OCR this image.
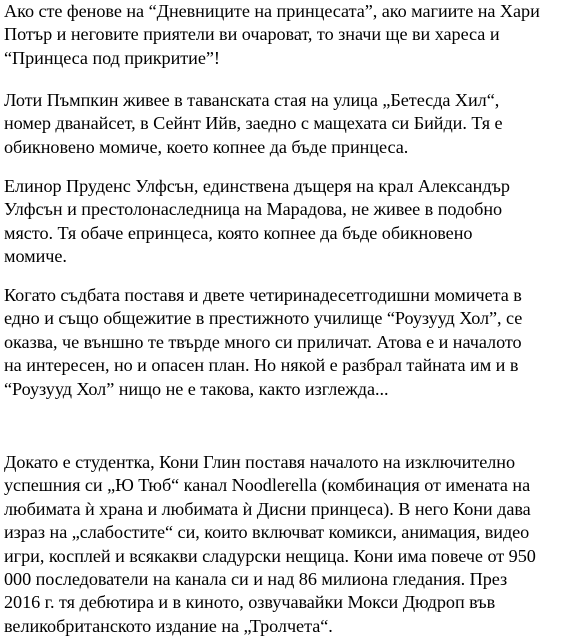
Ако сте фенове на “Дневниците на принцесата”, ако магиите на Хари
Потър и неговите приятели ви очароват, то значи ще ви хареса и
“Принцеса под прикритие”!

Лоти Пъмпкин живее в таванската стая на улица „Бетесда Хил“,
номер дванайсет, в Сейнт Ийв, заедно с мащехата си Бийди. Тя е
обикновено момиче, което копнее да бъде принцеса.

Елинор Пруденс Улфсън, единствена дъщеря на крал Александър
Улфсън и престолонаследница на Марадова, не живее в подобно
място. Тя обаче епринцеса, която копнее да бъде обикновено
момиче.

Когато съдбата поставя и двете четиринадесетгодишни момичета в
едно и също общежитие в престижното училище “Роузууд Хол”, се
оказва, че външно те твърде много си приличат. Атова е и началото
на интересен, но и опасен план. Но някой е разбрал тайната им и в
“Роузууд Хол” нищо не е такова, както изглежда...

Докато е студентка, Кони Глин поставя началото на изключително
успешния си „Ю Тюб“ канал Noodlerella (комбинация от имената на
любимата ѝ храна и любимата ѝ Дисни принцеса). В него Кони дава
израз на „слабостите“ си, които включват комикси, анимация, видео
игри, косплей и всякакви сладурски нещица. Кони има повече от 950
000 последователи на канала си и над 86 милиона гледания. През
2016 г. тя дебютира и в киното, озвучавайки Мокси Дюдроп във
великобританското издание на „Тролчета“.
